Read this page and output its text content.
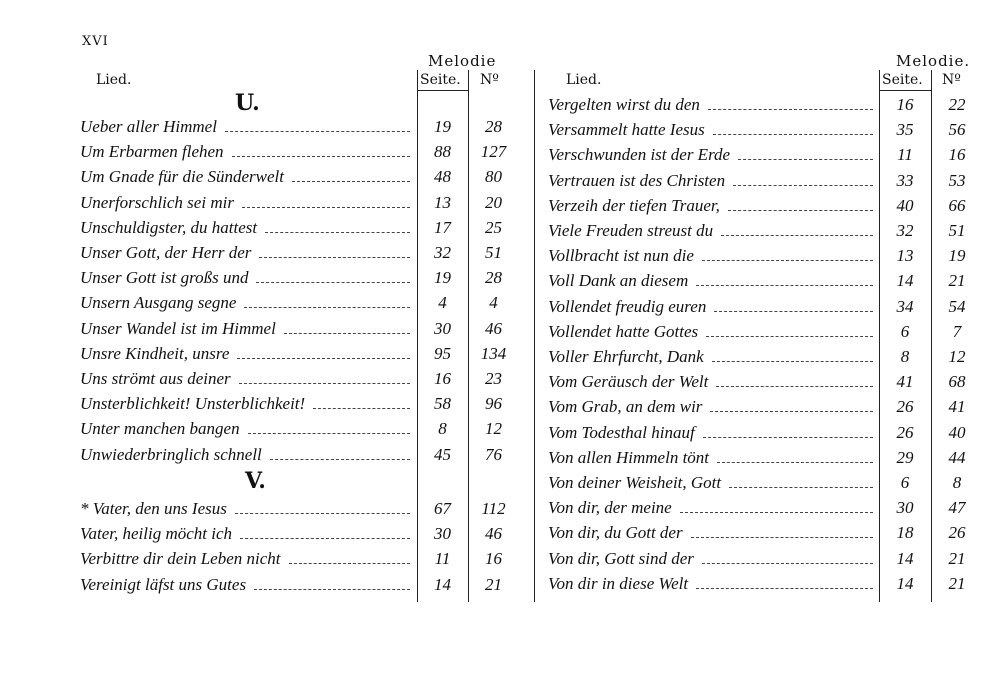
XVI
Melodie
Lied.	Seite. Nº
U.
Ueber aller Himmel	19	28
Um Erbarmen flehen	88	127
Um Gnade für die Sünderwelt	48	80
Unerforschlich sei mir	13	20
Unschuldigster, du hattest	17	25
Unser Gott, der Herr der	32	51
Unser Gott ist großs und	19	28
Unsern Ausgang segne	4	4
Unser Wandel ist im Himmel	30	46
Unsre Kindheit, unsre	95	134
Uns strömt aus deiner	16	23
Unsterblichkeit! Unsterblichkeit!	58	96
Unter manchen bangen	8	12
Unwiederbringlich schnell	45	76
V.
* Vater, den uns Iesus	67	112
Vater, heilig möcht ich	30	46
Verbittre dir dein Leben nicht	11	16
Vereinigt läfst uns Gutes	14	21
Melodie.
Lied.	Seite. Nº
Vergelten wirst du den	16	22
Versammelt hatte Iesus	35	56
Verschwunden ist der Erde	11	16
Vertrauen ist des Christen	33	53
Verzeih der tiefen Trauer,	40	66
Viele Freuden streust du	32	51
Vollbracht ist nun die	13	19
Voll Dank an diesem	14	21
Vollendet freudig euren	34	54
Vollendet hatte Gottes	6	7
Voller Ehrfurcht, Dank	8	12
Vom Geräusch der Welt	41	68
Vom Grab, an dem wir	26	41
Vom Todesthal hinauf	26	40
Von allen Himmeln tönt	29	44
Von deiner Weisheit, Gott	6	8
Von dir, der meine	30	47
Von dir, du Gott der	18	26
Von dir, Gott sind der	14	21
Von dir in diese Welt	14	21
